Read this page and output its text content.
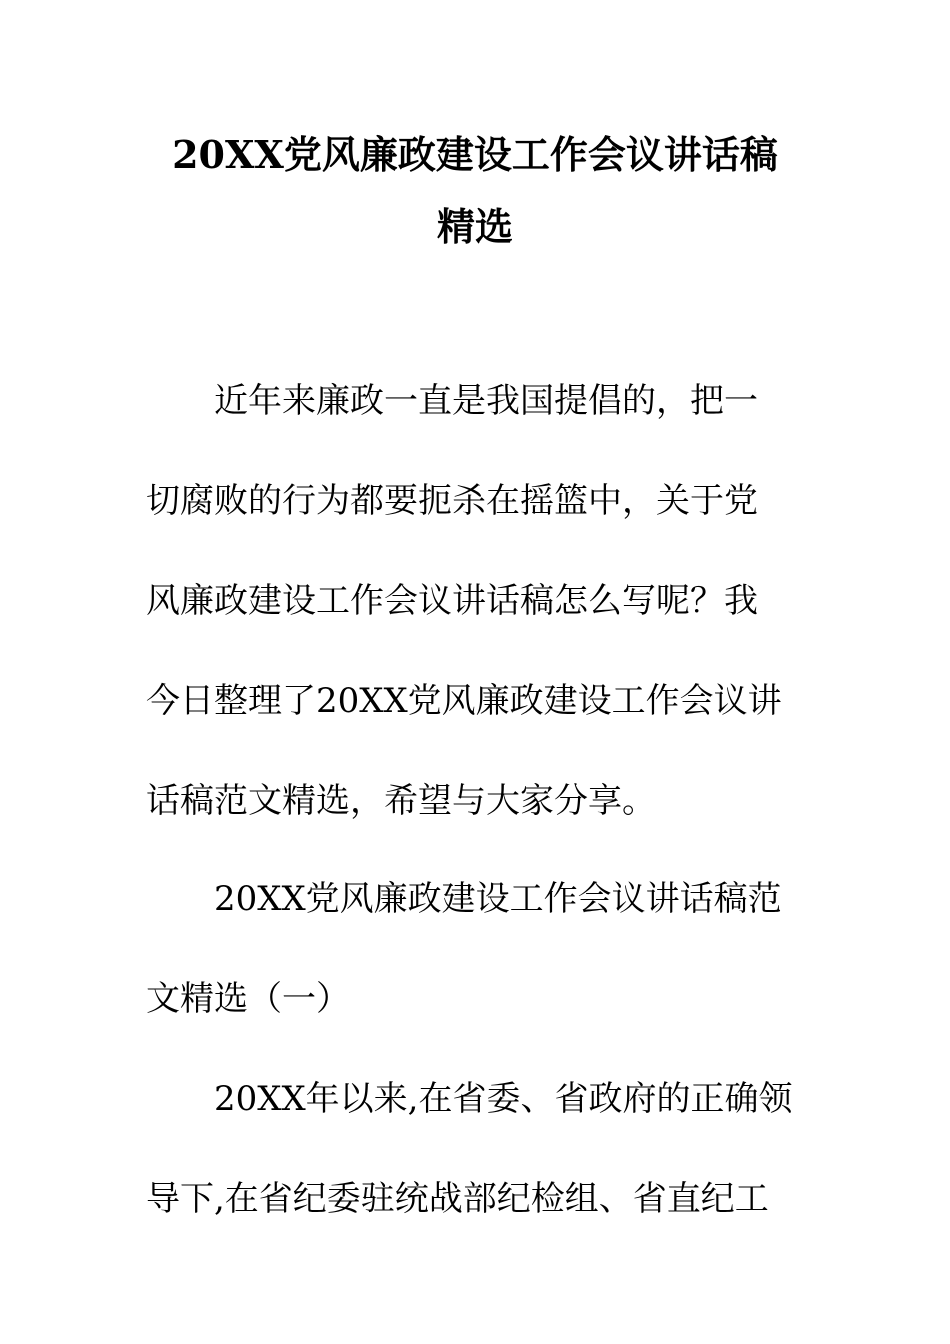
20XX党风廉政建设工作会议讲话稿
精选
近年来廉政一直是我国提倡的，把一
切腐败的行为都要扼杀在摇篮中，关于党
风廉政建设工作会议讲话稿怎么写呢？我
今日整理了20XX党风廉政建设工作会议讲
话稿范文精选，希望与大家分享。
20XX党风廉政建设工作会议讲话稿范
文精选（一）
20XX年以来,在省委、省政府的正确领
导下,在省纪委驻统战部纪检组、省直纪工
